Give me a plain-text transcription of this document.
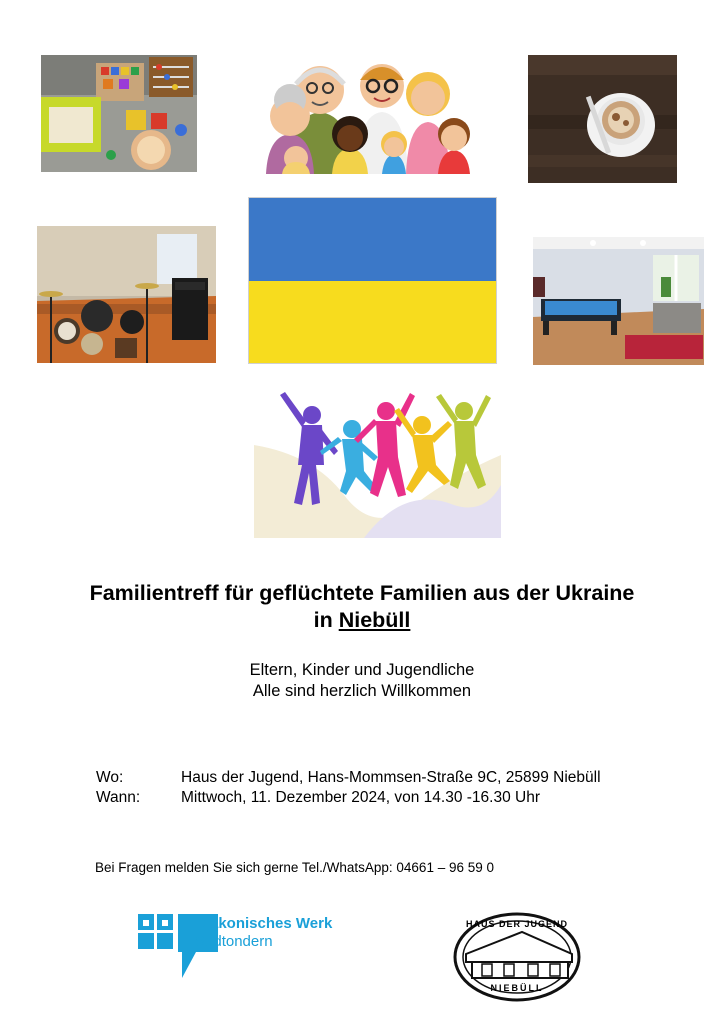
Familientreff für geflüchtete Familien aus der Ukraine
in Niebüll
Eltern, Kinder und Jugendliche
Alle sind herzlich Willkommen
Wo:	Haus der Jugend, Hans-Mommsen-Straße 9C, 25899 Niebüll
Wann:	Mittwoch, 11. Dezember 2024, von 14.30 -16.30 Uhr
Bei Fragen melden Sie sich gerne Tel./WhatsApp: 04661 – 96 59 0
Diakonisches Werk
Südtondern
HAUS DER JUGEND
NIEBÜLL
